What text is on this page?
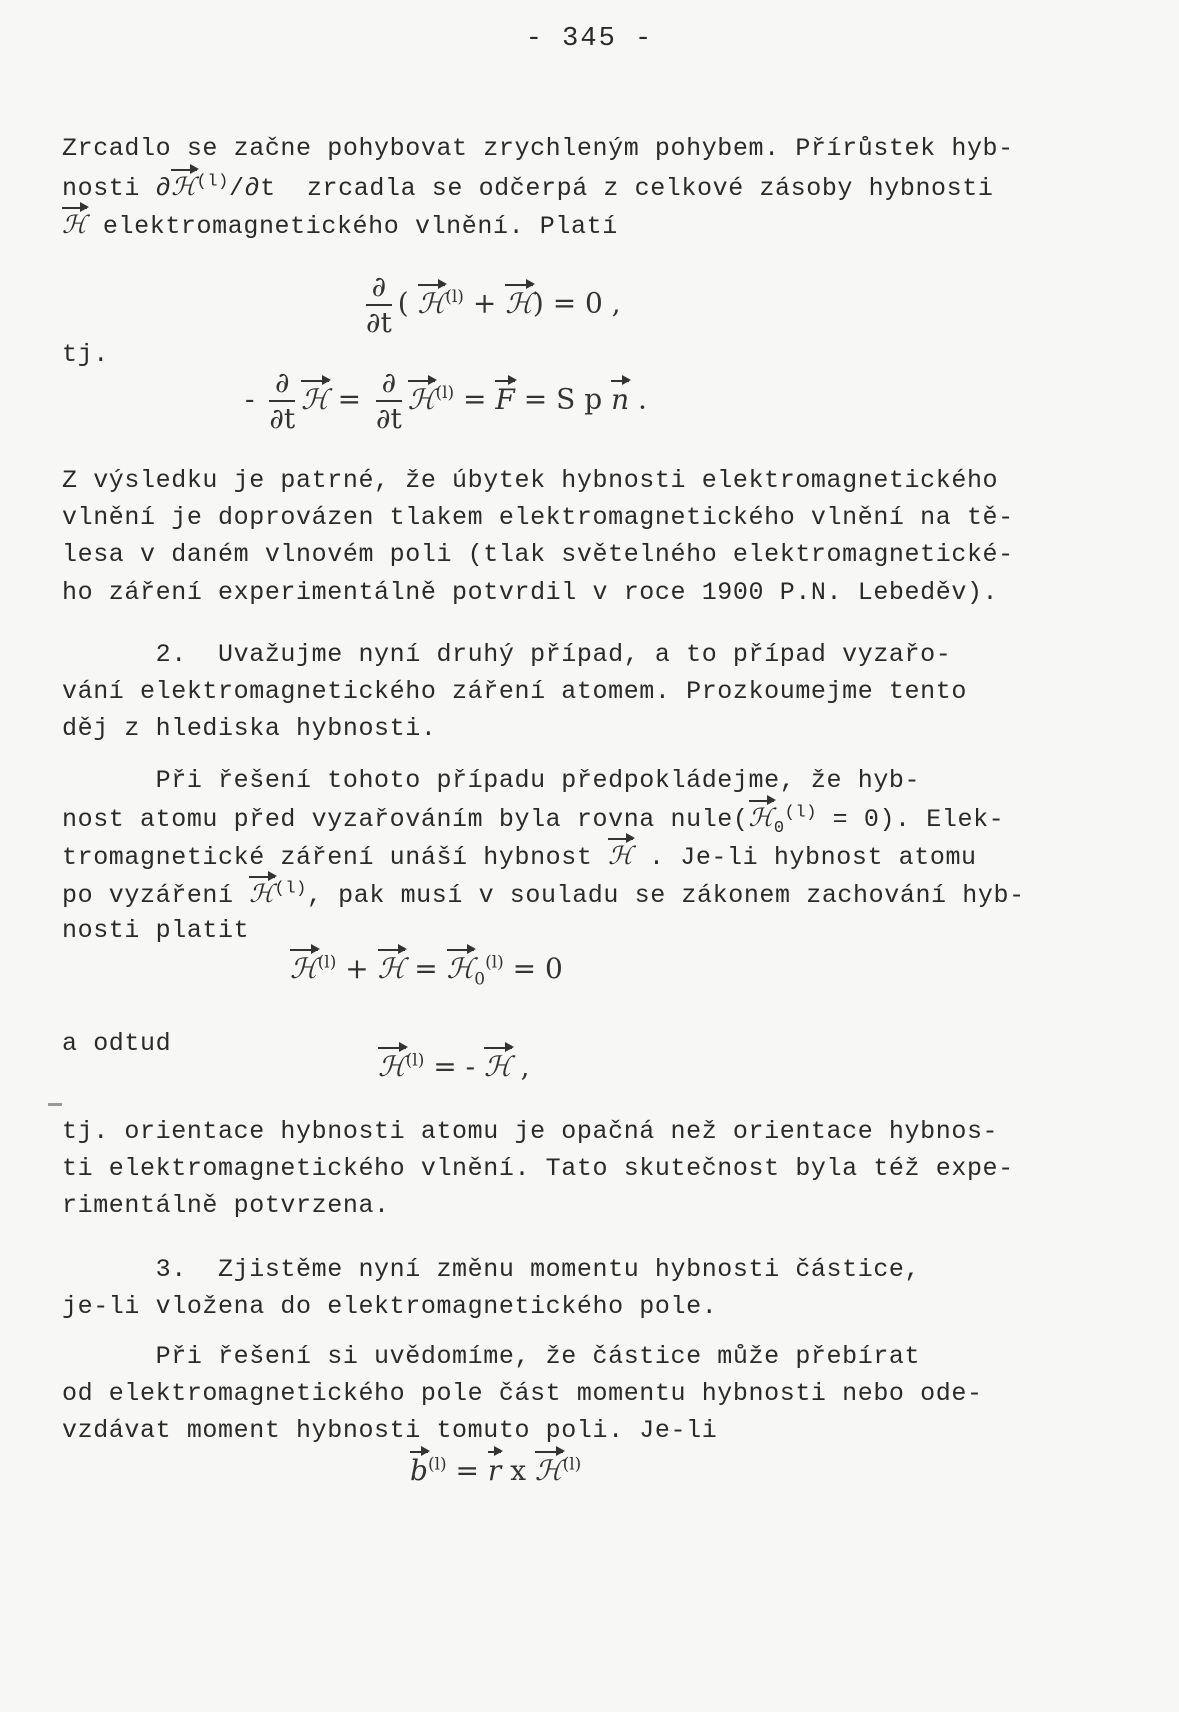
- 345 -
Zrcadlo se začne pohybovat zrychleným pohybem. Přírůstek hyb-
nosti ∂ℋ$^{(l)}$/∂t  zrcadla se odčerpá z celkové zásoby hybnosti
ℋ elektromagnetického vlnění. Platí
$\frac{\partial}{\partial t}$ ( ℋ$^{(l)}$ + ℋ) = 0 ,
tj.
- $\frac{\partial}{\partial t}$ ℋ = $\frac{\partial}{\partial t}$ ℋ$^{(l)}$ = F = S p n .
Z výsledku je patrné, že úbytek hybnosti elektromagnetického
vlnění je doprovázen tlakem elektromagnetického vlnění na tě-
lesa v daném vlnovém poli (tlak světelného elektromagnetické-
ho záření experimentálně potvrdil v roce 1900 P.N. Lebeděv).
2.  Uvažujme nyní druhý případ, a to případ vyzařo-
vání elektromagnetického záření atomem. Prozkoumejme tento
děj z hlediska hybnosti.
Při řešení tohoto případu předpokládejme, že hyb-
nost atomu před vyzařováním byla rovna nule(ℋ$_0^{(l)}$ = 0). Elek-
tromagnetické záření unáší hybnost ℋ . Je-li hybnost atomu
po vyzáření ℋ$^{(l)}$, pak musí v souladu se zákonem zachování hyb-
nosti platit
ℋ$^{(l)}$ + ℋ = ℋ$_0^{(l)}$ = 0
a odtud
ℋ$^{(l)}$ = - ℋ ,
tj. orientace hybnosti atomu je opačná než orientace hybnos-
ti elektromagnetického vlnění. Tato skutečnost byla též expe-
rimentálně potvrzena.
3.  Zjistěme nyní změnu momentu hybnosti částice,
je-li vložena do elektromagnetického pole.
Při řešení si uvědomíme, že částice může přebírat
od elektromagnetického pole část momentu hybnosti nebo ode-
vzdávat moment hybnosti tomuto poli. Je-li
$b^{(l)} = r$ x ℋ$^{(l)}$
